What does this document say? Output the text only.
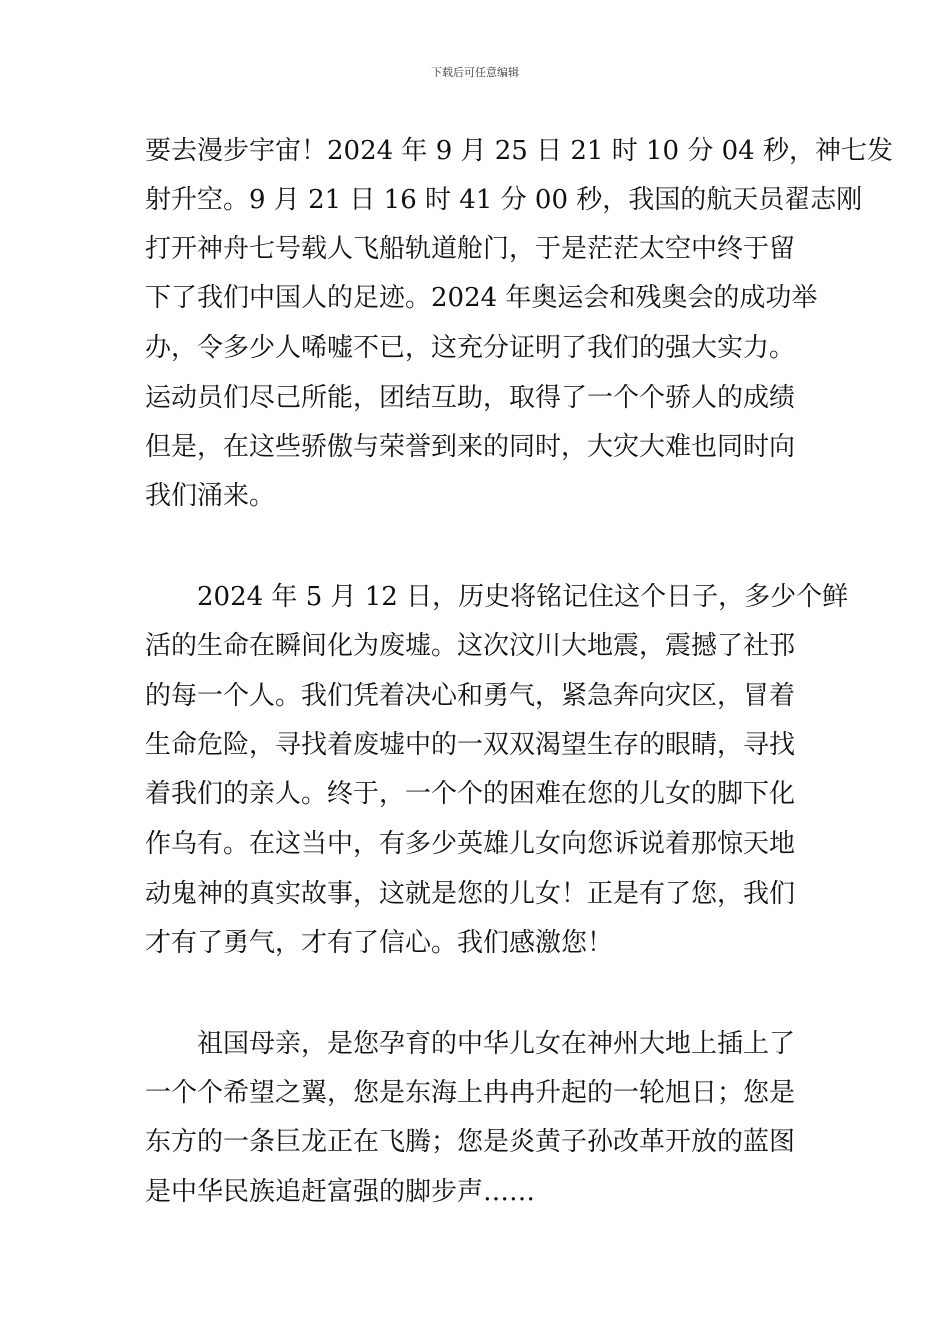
下载后可任意编辑
要去漫步宇宙！2024 年 9 月 25 日 21 时 10 分 04 秒，神七发
射升空。9 月 21 日 16 时 41 分 00 秒，我国的航天员翟志刚
打开神舟七号载人飞船轨道舱门，于是茫茫太空中终于留
下了我们中国人的足迹。2024 年奥运会和残奥会的成功举
办，令多少人唏嘘不已，这充分证明了我们的强大实力。
运动员们尽己所能，团结互助，取得了一个个骄人的成绩
但是，在这些骄傲与荣誉到来的同时，大灾大难也同时向
我们涌来。
2024 年 5 月 12 日，历史将铭记住这个日子，多少个鲜
活的生命在瞬间化为废墟。这次汶川大地震，震撼了社邘
的每一个人。我们凭着决心和勇气，紧急奔向灾区，冒着
生命危险，寻找着废墟中的一双双渴望生存的眼睛，寻找
着我们的亲人。终于，一个个的困难在您的儿女的脚下化
作乌有。在这当中，有多少英雄儿女向您诉说着那惊天地
动鬼神的真实故事，这就是您的儿女！正是有了您，我们
才有了勇气，才有了信心。我们感激您！
祖国母亲，是您孕育的中华儿女在神州大地上插上了
一个个希望之翼，您是东海上冉冉升起的一轮旭日；您是
东方的一条巨龙正在飞腾；您是炎黄子孙改革开放的蓝图
是中华民族追赶富强的脚步声……
